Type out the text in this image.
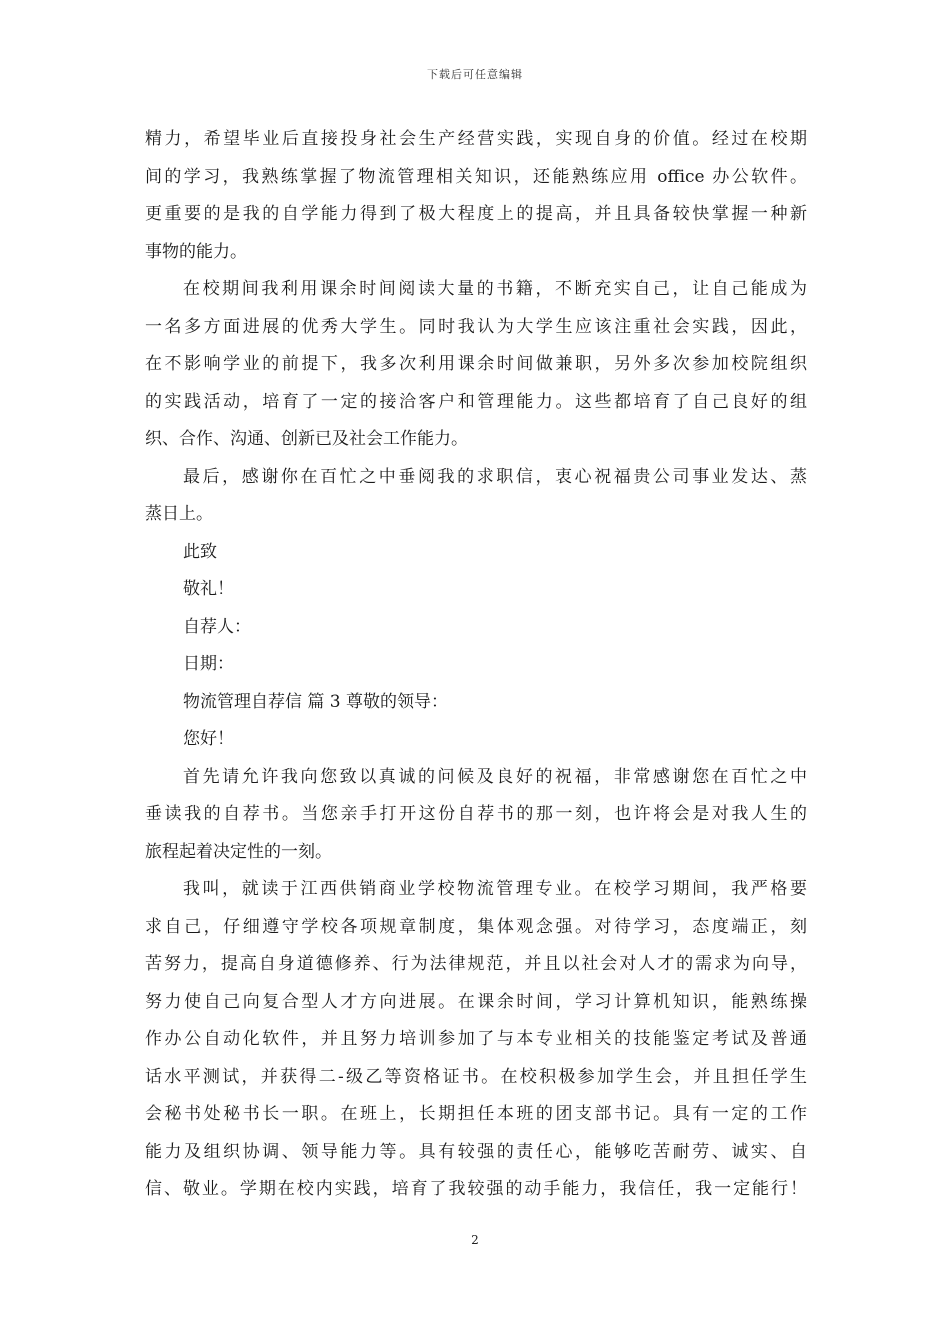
下载后可任意编辑
精力，希望毕业后直接投身社会生产经营实践，实现自身的价值。经过在校期
间的学习，我熟练掌握了物流管理相关知识，还能熟练应用 office 办公软件。
更重要的是我的自学能力得到了极大程度上的提高，并且具备较快掌握一种新
事物的能力。
在校期间我利用课余时间阅读大量的书籍，不断充实自己，让自己能成为
一名多方面进展的优秀大学生。同时我认为大学生应该注重社会实践，因此，
在不影响学业的前提下，我多次利用课余时间做兼职，另外多次参加校院组织
的实践活动，培育了一定的接洽客户和管理能力。这些都培育了自己良好的组
织、合作、沟通、创新已及社会工作能力。
最后，感谢你在百忙之中垂阅我的求职信，衷心祝福贵公司事业发达、蒸
蒸日上。
此致
敬礼！
自荐人：
日期：
物流管理自荐信 篇 3 尊敬的领导：
您好！
首先请允许我向您致以真诚的问候及良好的祝福，非常感谢您在百忙之中
垂读我的自荐书。当您亲手打开这份自荐书的那一刻，也许将会是对我人生的
旅程起着决定性的一刻。
我叫，就读于江西供销商业学校物流管理专业。在校学习期间，我严格要
求自己，仔细遵守学校各项规章制度，集体观念强。对待学习，态度端正，刻
苦努力，提高自身道德修养、行为法律规范，并且以社会对人才的需求为向导，
努力使自己向复合型人才方向进展。在课余时间，学习计算机知识，能熟练操
作办公自动化软件，并且努力培训参加了与本专业相关的技能鉴定考试及普通
话水平测试，并获得二-级乙等资格证书。在校积极参加学生会，并且担任学生
会秘书处秘书长一职。在班上，长期担任本班的团支部书记。具有一定的工作
能力及组织协调、领导能力等。具有较强的责任心，能够吃苦耐劳、诚实、自
信、敬业。学期在校内实践，培育了我较强的动手能力，我信任，我一定能行！
2
